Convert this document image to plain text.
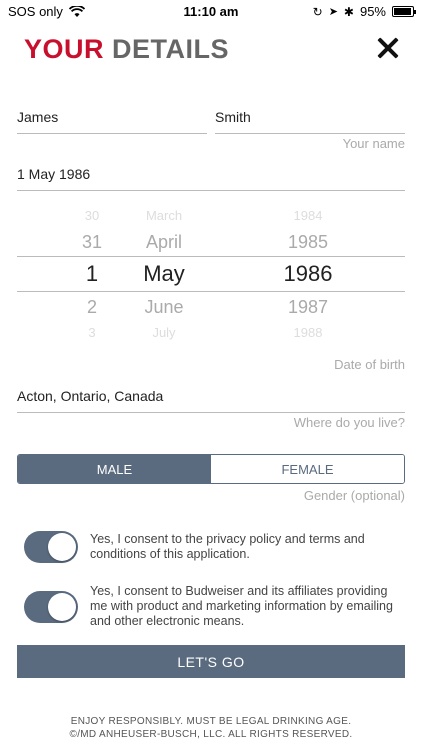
SOS only	11:10 am	↻ ➤ ✱ 95%
YOUR DETAILS
James	Smith
Your name
1 May 1986
30	March	1984
31	April	1985
1	May	1986
2	June	1987
3	July	1988
Date of birth
Acton, Ontario, Canada
Where do you live?
MALE	FEMALE
Gender (optional)
Yes, I consent to the privacy policy and terms and conditions of this application.
Yes, I consent to Budweiser and its affiliates providing me with product and marketing information by emailing and other electronic means.
LET'S GO
ENJOY RESPONSIBLY. MUST BE LEGAL DRINKING AGE.
©/MD ANHEUSER-BUSCH, LLC. ALL RIGHTS RESERVED.
